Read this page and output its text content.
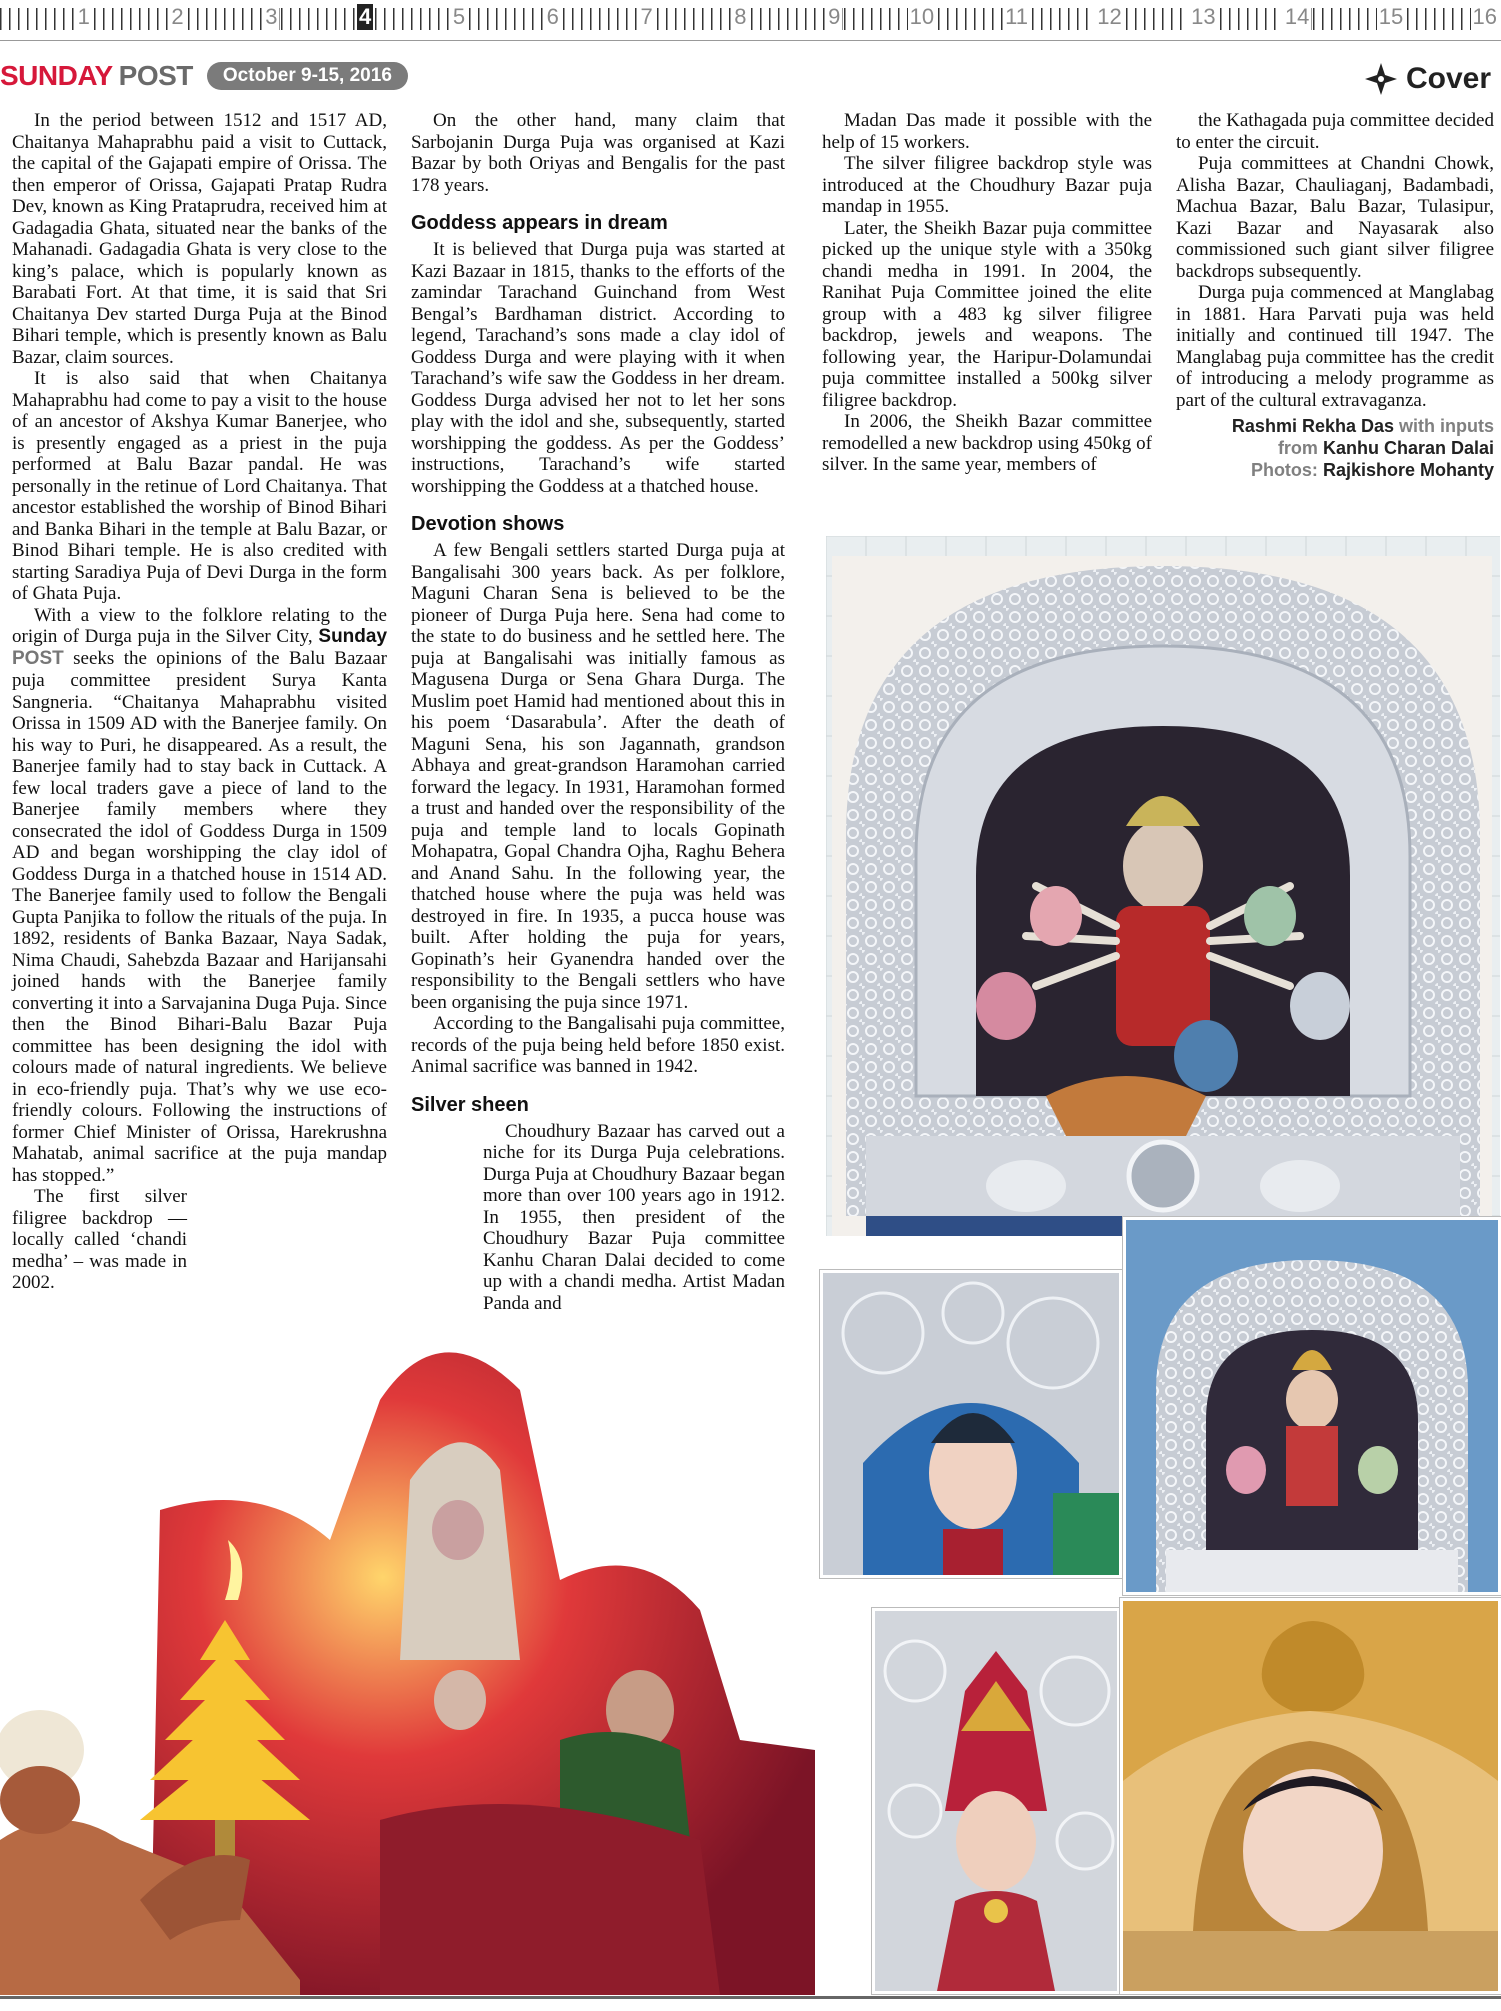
1	2	3	4	5	6	7	8	9	10	11	12	13	14	15	16
SUNDAY POST	October 9-15, 2016	Cover

In the period between 1512 and 1517 AD, Chaitanya Mahaprabhu paid a visit to Cuttack, the capital of the Gajapati empire of Orissa. The then emperor of Orissa, Gajapati Pratap Rudra Dev, known as King Prataprudra, received him at Gadagadia Ghata, situated near the banks of the Mahanadi. Gadagadia Ghata is very close to the king’s palace, which is popularly known as Barabati Fort. At that time, it is said that Sri Chaitanya Dev started Durga Puja at the Binod Bihari temple, which is presently known as Balu Bazar, claim sources.

It is also said that when Chaitanya Mahaprabhu had come to pay a visit to the house of an ancestor of Akshya Kumar Banerjee, who is presently engaged as a priest in the puja performed at Balu Bazar pandal. He was personally in the retinue of Lord Chaitanya. That ancestor established the worship of Binod Bihari and Banka Bihari in the temple at Balu Bazar, or Binod Bihari temple. He is also credited with starting Saradiya Puja of Devi Durga in the form of Ghata Puja.

With a view to the folklore relating to the origin of Durga puja in the Silver City, Sunday POST seeks the opinions of the Balu Bazaar puja committee president Surya Kanta Sangneria. “Chaitanya Mahaprabhu visited Orissa in 1509 AD with the Banerjee family. On his way to Puri, he disappeared. As a result, the Banerjee family had to stay back in Cuttack. A few local traders gave a piece of land to the Banerjee family members where they consecrated the idol of Goddess Durga in 1509 AD and began worshipping the clay idol of Goddess Durga in a thatched house in 1514 AD. The Banerjee family used to follow the Bengali Gupta Panjika to follow the rituals of the puja. In 1892, residents of Banka Bazaar, Naya Sadak, Nima Chaudi, Sahebzda Bazaar and Harijansahi joined hands with the Banerjee family converting it into a Sarvajanina Duga Puja. Since then the Binod Bihari-Balu Bazar Puja committee has been designing the idol with colours made of natural ingredients. We believe in eco-friendly puja. That’s why we use eco-friendly colours. Following the instructions of former Chief Minister of Orissa, Harekrushna Mahatab, animal sacrifice at the puja mandap has stopped.”

The first silver filigree backdrop — locally called ‘chandi medha’ – was made in 2002.

On the other hand, many claim that Sarbojanin Durga Puja was organised at Kazi Bazar by both Oriyas and Bengalis for the past 178 years.

Goddess appears in dream

It is believed that Durga puja was started at Kazi Bazaar in 1815, thanks to the efforts of the zamindar Tarachand Guinchand from West Bengal’s Bardhaman district. According to legend, Tarachand’s sons made a clay idol of Goddess Durga and were playing with it when Tarachand’s wife saw the Goddess in her dream. Goddess Durga advised her not to let her sons play with the idol and she, subsequently, started worshipping the goddess. As per the Goddess’ instructions, Tarachand’s wife started worshipping the Goddess at a thatched house.

Devotion shows

A few Bengali settlers started Durga puja at Bangalisahi 300 years back. As per folklore, Maguni Charan Sena is believed to be the pioneer of Durga Puja here. Sena had come to the state to do business and he settled here. The puja at Bangalisahi was initially famous as Magusena Durga or Sena Ghara Durga. The Muslim poet Hamid had mentioned about this in his poem ‘Dasarabula’. After the death of Maguni Sena, his son Jagannath, grandson Abhaya and great-grandson Haramohan carried forward the legacy. In 1931, Haramohan formed a trust and handed over the responsibility of the puja and temple land to locals Gopinath Mohapatra, Gopal Chandra Ojha, Raghu Behera and Anand Sahu. In the following year, the thatched house where the puja was held was destroyed in fire. In 1935, a pucca house was built. After holding the puja for years, Gopinath’s heir Gyanendra handed over the responsibility to the Bengali settlers who have been organising the puja since 1971.

According to the Bangalisahi puja committee, records of the puja being held before 1850 exist. Animal sacrifice was banned in 1942.

Silver sheen

Choudhury Bazaar has carved out a niche for its Durga Puja celebrations. Durga Puja at Choudhury Bazaar began more than over 100 years ago in 1912. In 1955, then president of the Choudhury Bazar Puja committee Kanhu Charan Dalai decided to come up with a chandi medha. Artist Madan Panda and

Madan Das made it possible with the help of 15 workers.

The silver filigree backdrop style was introduced at the Choudhury Bazar puja mandap in 1955.

Later, the Sheikh Bazar puja committee picked up the unique style with a 350kg chandi medha in 1991. In 2004, the Ranihat Puja Committee joined the elite group with a 483 kg silver filigree backdrop, jewels and weapons. The following year, the Haripur-Dolamundai puja committee installed a 500kg silver filigree backdrop.

In 2006, the Sheikh Bazar committee remodelled a new backdrop using 450kg of silver. In the same year, members of

the Kathagada puja committee decided to enter the circuit.

Puja committees at Chandni Chowk, Alisha Bazar, Chauliaganj, Badambadi, Machua Bazar, Balu Bazar, Tulasipur, Kazi Bazar and Nayasarak also commissioned such giant silver filigree backdrops subsequently.

Durga puja commenced at Manglabag in 1881. Hara Parvati puja was held initially and continued till 1947. The Manglabag puja committee has the credit of introducing a melody programme as part of the cultural extravaganza.

Rashmi Rekha Das with inputs
from Kanhu Charan Dalai
Photos: Rajkishore Mohanty
